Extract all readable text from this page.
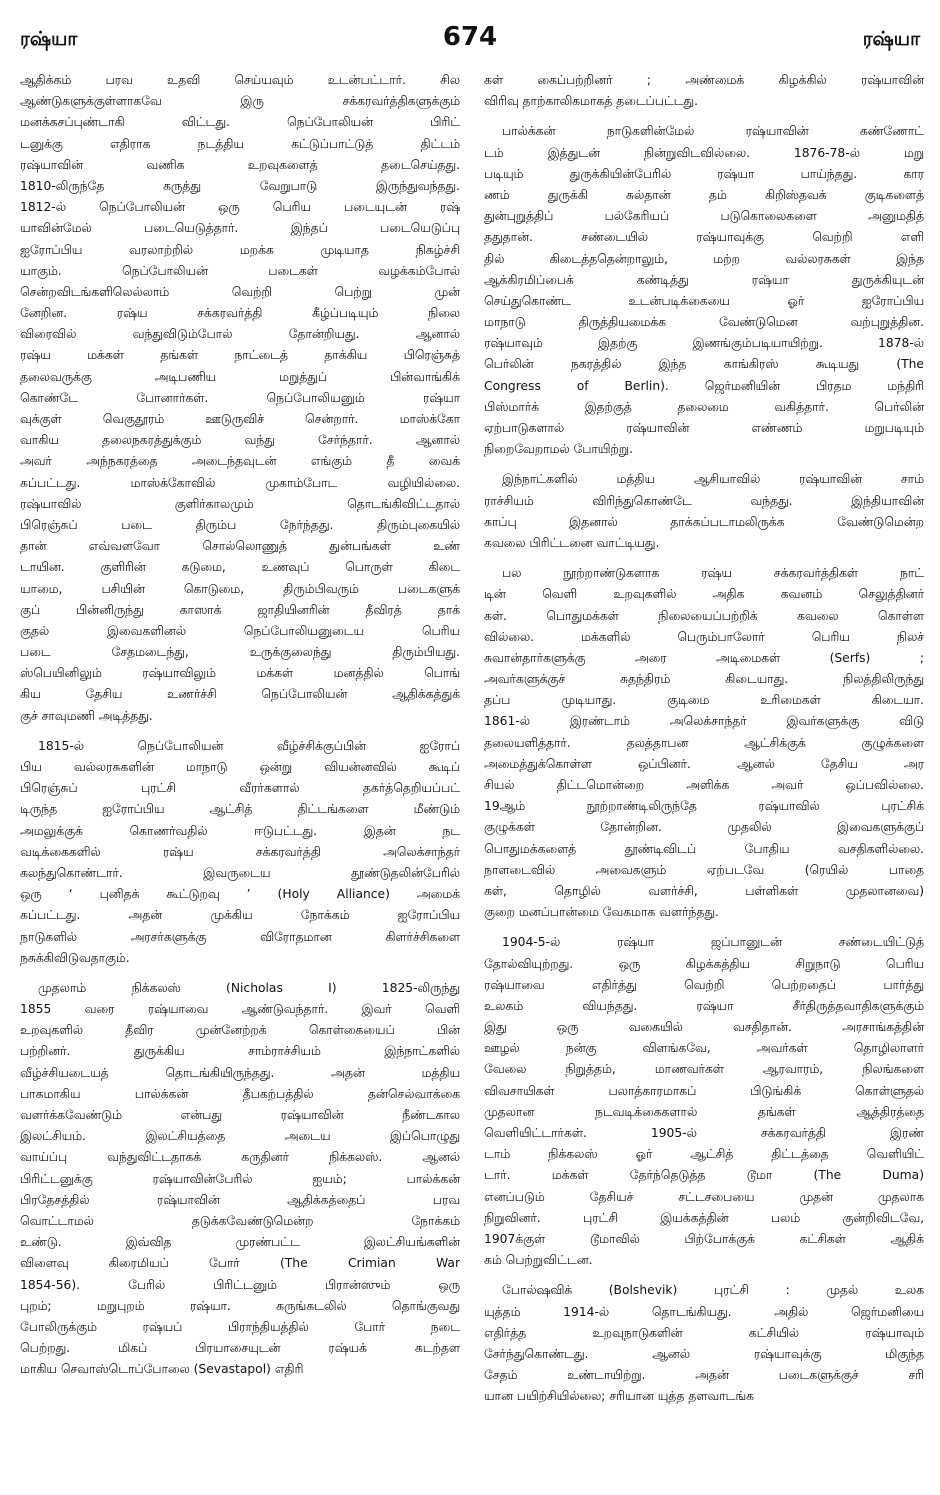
ரஷ்யா	674	ரஷ்யா
ஆதிக்கம் பரவ உதவி செய்யவும் உடன்பட்டார். சில
ஆண்டுகளுக்குள்ளாகவே இரு சக்கரவர்த்திகளுக்கும்
மனக்கசப்புண்டாகி விட்டது. நெப்போலியன் பிரிட்
டனுக்கு எதிராக நடத்திய கட்டுப்பாட்டுத் திட்டம்
ரஷ்யாவின் வணிக உறவுகளைத் தடைசெய்தது.
1810-லிருந்தே கருத்து வேறுபாடு இருந்துவந்தது.
1812-ல் நெப்போலியன் ஒரு பெரிய படையுடன் ரஷ்
யாவின்மேல் படையெடுத்தார். இந்தப் படையெடுப்பு
ஐரோப்பிய வரலாற்றில் மறக்க முடியாத நிகழ்ச்சி
யாகும். நெப்போலியன் படைகள் வழக்கம்போல்
சென்றவிடங்களிலெல்லாம் வெற்றி பெற்று முன்
னேறின. ரஷ்ய சக்கரவர்த்தி கீழ்ப்படியும் நிலை
விரைவில் வந்துவிடும்போல் தோன்றியது. ஆனால்
ரஷ்ய மக்கள் தங்கள் நாட்டைத் தாக்கிய பிரெஞ்சுத்
தலைவருக்கு அடிபணிய மறுத்துப் பின்வாங்கிக்
கொண்டே போனார்கள். நெப்போலியனும் ரஷ்யா
வுக்குள் வெகுதூரம் ஊடுருவிச் சென்றார். மாஸ்க்கோ
வாகிய தலைநகரத்துக்கும் வந்து சேர்ந்தார். ஆனால்
அவர் அந்நகரத்தை அடைந்தவுடன் எங்கும் தீ வைக்
கப்பட்டது. மாஸ்க்கோவில் முகாம்போட வழியில்லை.
ரஷ்யாவில் குளிர்காலமும் தொடங்கிவிட்டதால்
பிரெஞ்சுப் படை திரும்ப நேர்ந்தது. திரும்புகையில்
தான் எவ்வளவோ சொல்லொணுத் துன்பங்கள் உண்
டாயின. குளிரின் கடுமை, உணவுப் பொருள் கிடை
யாமை, பசியின் கொடுமை, திரும்பிவரும் படைகளுக்
குப் பின்னிருந்து காஸாக் ஜாதியினரின் தீவிரத் தாக்
குதல் இவைகளினல் நெப்போலியனுடைய பெரிய
படை சேதமடைந்து, உருக்குலைந்து திரும்பியது.
ஸ்பெயினிலும் ரஷ்யாவிலும் மக்கள் மனத்தில் பொங்
கிய தேசிய உணர்ச்சி நெப்போலியன் ஆதிக்கத்துக்
குச் சாவுமணி அடித்தது.
1815-ல் நெப்போலியன் வீழ்ச்சிக்குப்பின் ஐரோப்
பிய வல்லரசுகளின் மாநாடு ஒன்று வியன்னவில் கூடிப்
பிரெஞ்சுப் புரட்சி வீரர்களால் தகர்த்தெறியப்பட்
டிருந்த ஐரோப்பிய ஆட்சித் திட்டங்களை மீண்டும்
அமலுக்குக் கொணர்வதில் ஈடுபட்டது. இதன் நட
வடிக்கைகளில் ரஷ்ய சக்கரவர்த்தி அலெக்சாந்தர்
கலந்துகொண்டார். இவருடைய தூண்டுதலின்பேரில்
ஒரு ‘ புனிதக் கூட்டுறவு ’ (Holy Alliance) அமைக்
கப்பட்டது. அதன் முக்கிய நோக்கம் ஐரோப்பிய
நாடுகளில் அரசர்களுக்கு விரோதமான கிளர்ச்சிகளை
நசுக்கிவிடுவதாகும்.
முதலாம் நிக்கலஸ் (Nicholas I) 1825-லிருந்து
1855 வரை ரஷ்யாவை ஆண்டுவந்தார். இவர் வெளி
உறவுகளில் தீவிர முன்னேற்றக் கொள்கையைப் பின்
பற்றினர். துருக்கிய சாம்ராச்சியம் இந்நாட்களில்
வீழ்ச்சியடையத் தொடங்கியிருந்தது. அதன் மத்திய
பாகமாகிய பால்க்கன் தீபகற்பத்தில் தன்செல்வாக்கை
வளர்க்கவேண்டும் என்பது ரஷ்யாவின் நீண்டகால
இலட்சியம். இலட்சியத்தை அடைய இப்பொழுது
வாய்ப்பு வந்துவிட்டதாகக் கருதினர் நிக்கலஸ். ஆனல்
பிரிட்டனுக்கு ரஷ்யாவின்பேரில் ஐயம்; பால்க்கன்
பிரதேசத்தில் ரஷ்யாவின் ஆதிக்கத்தைப் பரவ
வொட்டாமல் தடுக்கவேண்டுமென்ற நோக்கம்
உண்டு. இவ்வித முரண்பட்ட இலட்சியங்களின்
விளைவு கிரைமியப் போர் (The Crimian War
1854-56). பேரில் பிரிட்டனும் பிரான்ஸும் ஒரு
புறம்; மறுபுறம் ரஷ்யா. கருங்கடலில் தொங்குவது
போலிருக்கும் ரஷ்யப் பிராந்தியத்தில் போர் நடை
பெற்றது. மிகப் பிரயாசையுடன் ரஷ்யக் கடற்தள
மாகிய செவாஸ்டொப்போலை (Sevastapol) எதிரி
கள் கைப்பற்றினர் ; அண்மைக் கிழக்கில் ரஷ்யாவின்
விரிவு தாற்காலிகமாகத் தடைப்பட்டது.
பால்க்கன் நாடுகளின்மேல் ரஷ்யாவின் கண்ணோட்
டம் இத்துடன் நின்றுவிடவில்லை. 1876-78-ல் மறு
படியும் துருக்கியின்பேரில் ரஷ்யா பாய்ந்தது. கார
ணம் துருக்கி சுல்தான் தம் கிறிஸ்தவக் குடிகளைத்
துன்புறுத்திப் பல்கேரியப் படுகொலைகளை அனுமதித்
ததுதான். சண்டையில் ரஷ்யாவுக்கு வெற்றி எளி
தில் கிடைத்ததென்றாலும், மற்ற வல்லரசுகள் இந்த
ஆக்கிரமிப்பைக் கண்டித்து ரஷ்யா துருக்கியுடன்
செய்துகொண்ட உடன்படிக்கையை ஓர் ஐரோப்பிய
மாநாடு திருத்தியமைக்க வேண்டுமென வற்புறுத்தின.
ரஷ்யாவும் இதற்கு இணங்கும்படியாயிற்று. 1878-ல்
பெர்லின் நகரத்தில் இந்த காங்கிரஸ் கூடியது (The
Congress of Berlin). ஜெர்மனியின் பிரதம மந்திரி
பிஸ்மார்க் இதற்குத் தலைமை வகித்தார். பெர்லின்
ஏற்பாடுகளால் ரஷ்யாவின் எண்ணம் மறுபடியும்
நிறைவேறாமல் போயிற்று.
இந்நாட்களில் மத்திய ஆசியாவில் ரஷ்யாவின் சாம்
ராச்சியம் விரிந்துகொண்டே வந்தது. இந்தியாவின்
காப்பு இதனால் தாக்கப்படாமலிருக்க வேண்டுமென்ற
கவலை பிரிட்டனை வாட்டியது.
பல நூற்றாண்டுகளாக ரஷ்ய சக்கரவர்த்திகள் நாட்
டின் வெளி உறவுகளில் அதிக கவனம் செலுத்தினர்
கள். பொதுமக்கள் நிலையைப்பற்றிக் கவலை கொள்ள
வில்லை. மக்களில் பெரும்பாலோர் பெரிய நிலச்
சுவான்தார்களுக்கு அரை அடிமைகள் (Serfs) ;
அவர்களுக்குச் சுதந்திரம் கிடையாது. நிலத்திலிருந்து
தப்ப முடியாது. குடிமை உரிமைகள் கிடையா.
1861-ல் இரண்டாம் அலெக்சாந்தர் இவர்களுக்கு விடு
தலையளித்தார். தலத்தாபன ஆட்சிக்குக் குழுக்களை
அமைத்துக்கொள்ள ஒப்பினர். ஆனல் தேசிய அர
சியல் திட்டமொன்றை அளிக்க அவர் ஒப்பவில்லை.
19ஆம் நூற்றாண்டிலிருந்தே ரஷ்யாவில் புரட்சிக்
குழுக்கள் தோன்றின. முதலில் இவைகளுக்குப்
பொதுமக்களைத் தூண்டிவிடப் போதிய வசதிகளில்லை.
நாளடைவில் அவைகளும் ஏற்படவே (ரெயில் பாதை
கள், தொழில் வளர்ச்சி, பள்ளிகள் முதலானவை)
குறை மனப்பான்மை வேகமாக வளர்ந்தது.
1904-5-ல் ரஷ்யா ஜப்பானுடன் சண்டையிட்டுத்
தோல்வியுற்றது. ஒரு கிழக்கத்திய சிறுநாடு பெரிய
ரஷ்யாவை எதிர்த்து வெற்றி பெற்றதைப் பார்த்து
உலகம் வியந்தது. ரஷ்யா சீர்திருத்தவாதிகளுக்கும்
இது ஒரு வகையில் வசதிதான். அரசாங்கத்தின்
ஊழல் நன்கு விளங்கவே, அவர்கள் தொழிலாளர்
வேலை நிறுத்தம், மாணவர்கள் ஆரவாரம், நிலங்களை
விவசாயிகள் பலாத்காரமாகப் பிடுங்கிக் கொள்ளுதல்
முதலான நடவடிக்கைகளால் தங்கள் ஆத்திரத்தை
வெளியிட்டார்கள். 1905-ல் சக்கரவர்த்தி இரண்
டாம் நிக்கலஸ் ஓர் ஆட்சித் திட்டத்தை வெளியிட்
டார். மக்கள் தேர்ந்தெடுத்த டூமா (The Duma)
எனப்படும் தேசியச் சட்டசபையை முதன் முதலாக
நிறுவினர். புரட்சி இயக்கத்தின் பலம் குன்றிவிடவே,
1907க்குள் டூமாவில் பிற்போக்குக் கட்சிகள் ஆதிக்
கம் பெற்றுவிட்டன.
போல்ஷவிக் (Bolshevik) புரட்சி : முதல் உலக
யுத்தம் 1914-ல் தொடங்கியது. அதில் ஜெர்மனியை
எதிர்த்த உறவுநாடுகளின் கட்சியில் ரஷ்யாவும்
சேர்ந்துகொண்டது. ஆனல் ரஷ்யாவுக்கு மிகுந்த
சேதம் உண்டாயிற்று. அதன் படைகளுக்குச் சரி
யான பயிற்சியில்லை; சரியான யுத்த தளவாடங்க
